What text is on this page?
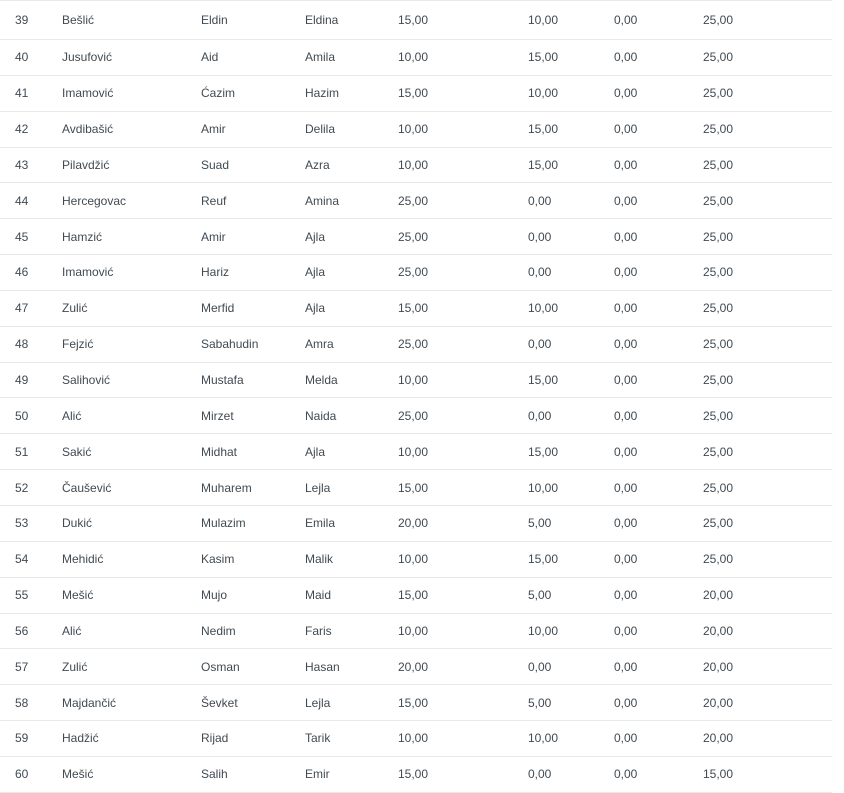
39	Bešlić	Eldin	Eldina	15,00	10,00	0,00	25,00
40	Jusufović	Aid	Amila	10,00	15,00	0,00	25,00
41	Imamović	Ćazim	Hazim	15,00	10,00	0,00	25,00
42	Avdibašić	Amir	Delila	10,00	15,00	0,00	25,00
43	Pilavdžić	Suad	Azra	10,00	15,00	0,00	25,00
44	Hercegovac	Reuf	Amina	25,00	0,00	0,00	25,00
45	Hamzić	Amir	Ajla	25,00	0,00	0,00	25,00
46	Imamović	Hariz	Ajla	25,00	0,00	0,00	25,00
47	Zulić	Merfid	Ajla	15,00	10,00	0,00	25,00
48	Fejzić	Sabahudin	Amra	25,00	0,00	0,00	25,00
49	Salihović	Mustafa	Melda	10,00	15,00	0,00	25,00
50	Alić	Mirzet	Naida	25,00	0,00	0,00	25,00
51	Sakić	Midhat	Ajla	10,00	15,00	0,00	25,00
52	Čaušević	Muharem	Lejla	15,00	10,00	0,00	25,00
53	Dukić	Mulazim	Emila	20,00	5,00	0,00	25,00
54	Mehidić	Kasim	Malik	10,00	15,00	0,00	25,00
55	Mešić	Mujo	Maid	15,00	5,00	0,00	20,00
56	Alić	Nedim	Faris	10,00	10,00	0,00	20,00
57	Zulić	Osman	Hasan	20,00	0,00	0,00	20,00
58	Majdančić	Ševket	Lejla	15,00	5,00	0,00	20,00
59	Hadžić	Rijad	Tarik	10,00	10,00	0,00	20,00
60	Mešić	Salih	Emir	15,00	0,00	0,00	15,00
